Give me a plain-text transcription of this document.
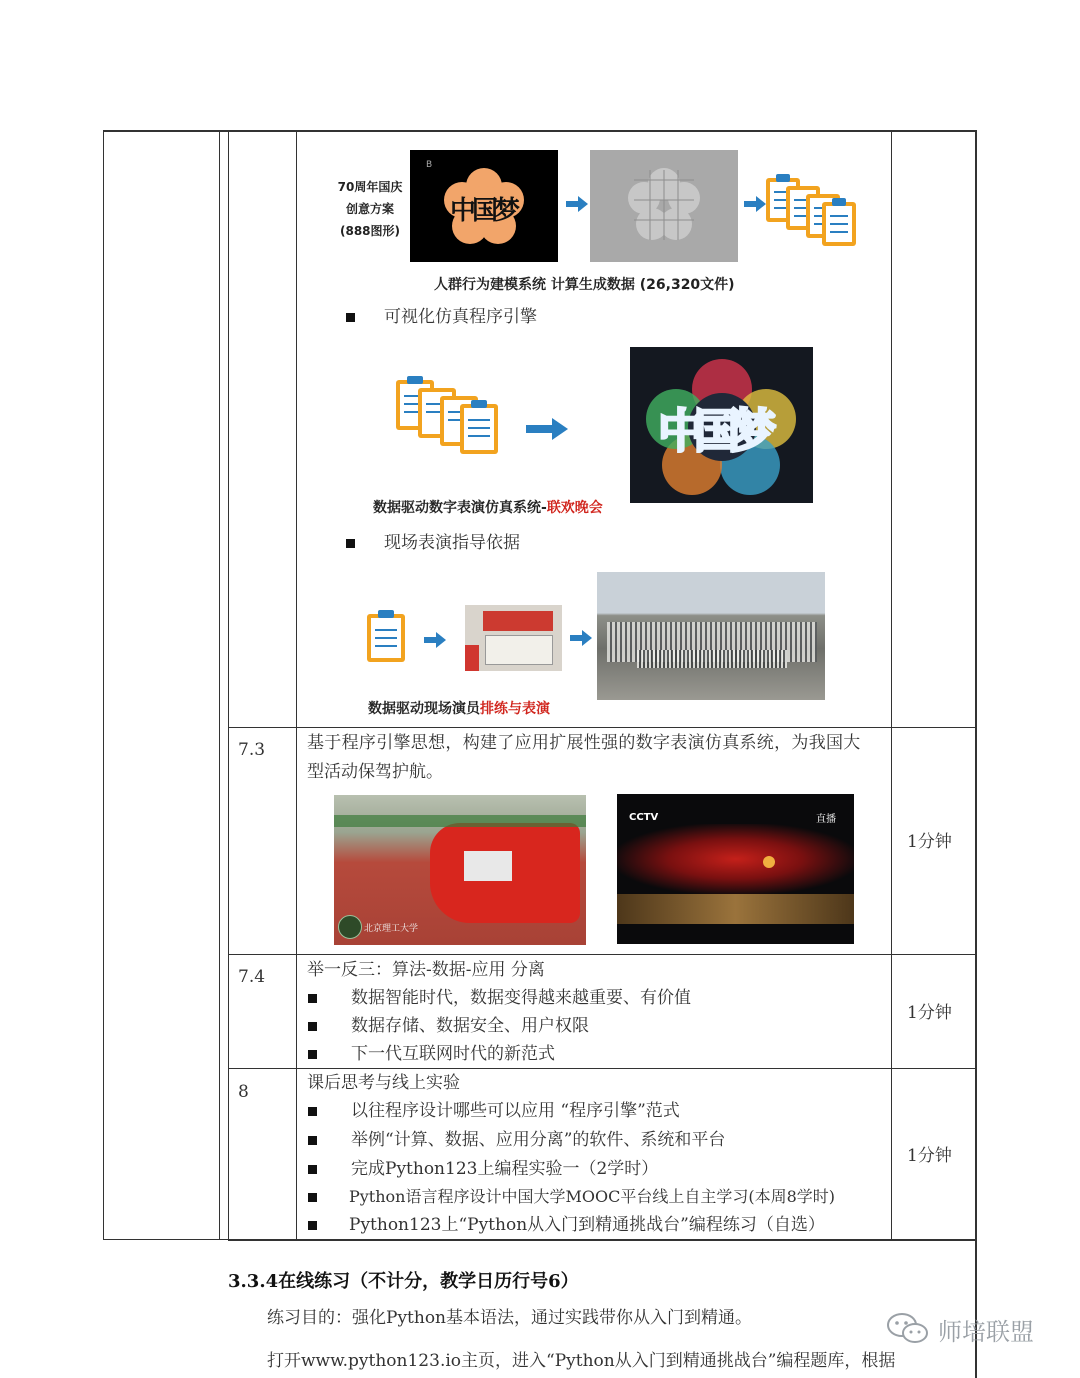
70周年国庆
创意方案
(888图形)
B
中国梦
人群行为建模系统 计算生成数据 (26,320文件)
可视化仿真程序引擎
中国梦
数据驱动数字表演仿真系统-联欢晚会
现场表演指导依据
数据驱动现场演员排练与表演
7.3 基于程序引擎思想，构建了应用扩展性强的数字表演仿真系统，为我国大
型活动保驾护航。
北京理工大学
CCTV	直播
1分钟
7.4 举一反三：算法-数据-应用 分离
数据智能时代，数据变得越来越重要、有价值
数据存储、数据安全、用户权限
下一代互联网时代的新范式
1分钟
8	课后思考与线上实验
以往程序设计哪些可以应用 “程序引擎”范式
举例“计算、数据、应用分离”的软件、系统和平台
完成Python123上编程实验一（2学时）
Python语言程序设计中国大学MOOC平台线上自主学习(本周8学时)
Python123上“Python从入门到精通挑战台”编程练习（自选）
1分钟
3.3.4在线练习（不计分，教学日历行号6）
练习目的：强化Python基本语法，通过实践带你从入门到精通。
打开www.python123.io主页，进入“Python从入门到精通挑战台”编程题库，根据
师培联盟
